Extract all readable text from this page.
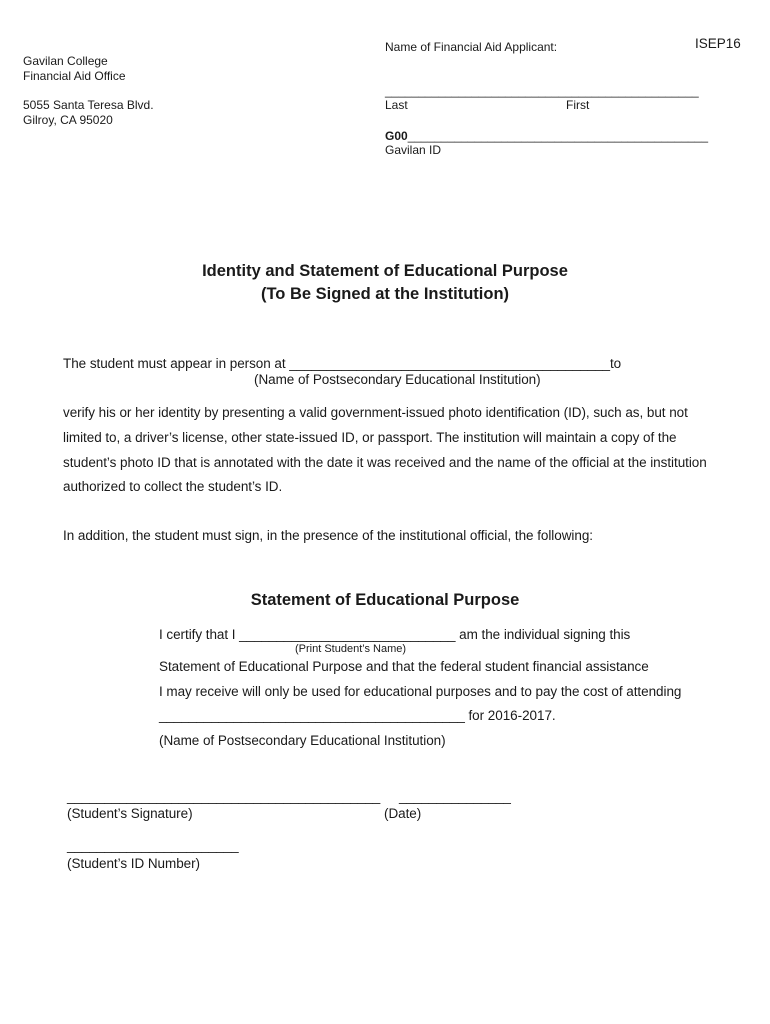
ISEP16
Name of Financial Aid Applicant:
Gavilan College
Financial Aid Office
5055 Santa Teresa Blvd.
Gilroy, CA 95020
_______________________________________________
Last	First
G00_____________________________________________
Gavilan ID
Identity and Statement of Educational Purpose
(To Be Signed at the Institution)
The student must appear in person at ___________________________________________to
(Name of Postsecondary Educational Institution)
verify his or her identity by presenting a valid government-issued photo identification (ID), such as, but not
limited to, a driver’s license, other state-issued ID, or passport. The institution will maintain a copy of the
student’s photo ID that is annotated with the date it was received and the name of the official at the institution
authorized to collect the student’s ID.
In addition, the student must sign, in the presence of the institutional official, the following:
Statement of Educational Purpose
I certify that I _____________________________ am the individual signing this
(Print Student’s Name)
Statement of Educational Purpose and that the federal student financial assistance
I may receive will only be used for educational purposes and to pay the cost of attending
_________________________________________ for 2016-2017.
(Name of Postsecondary Educational Institution)
__________________________________________ _______________
(Student’s Signature)	(Date)
_______________________
(Student’s ID Number)
